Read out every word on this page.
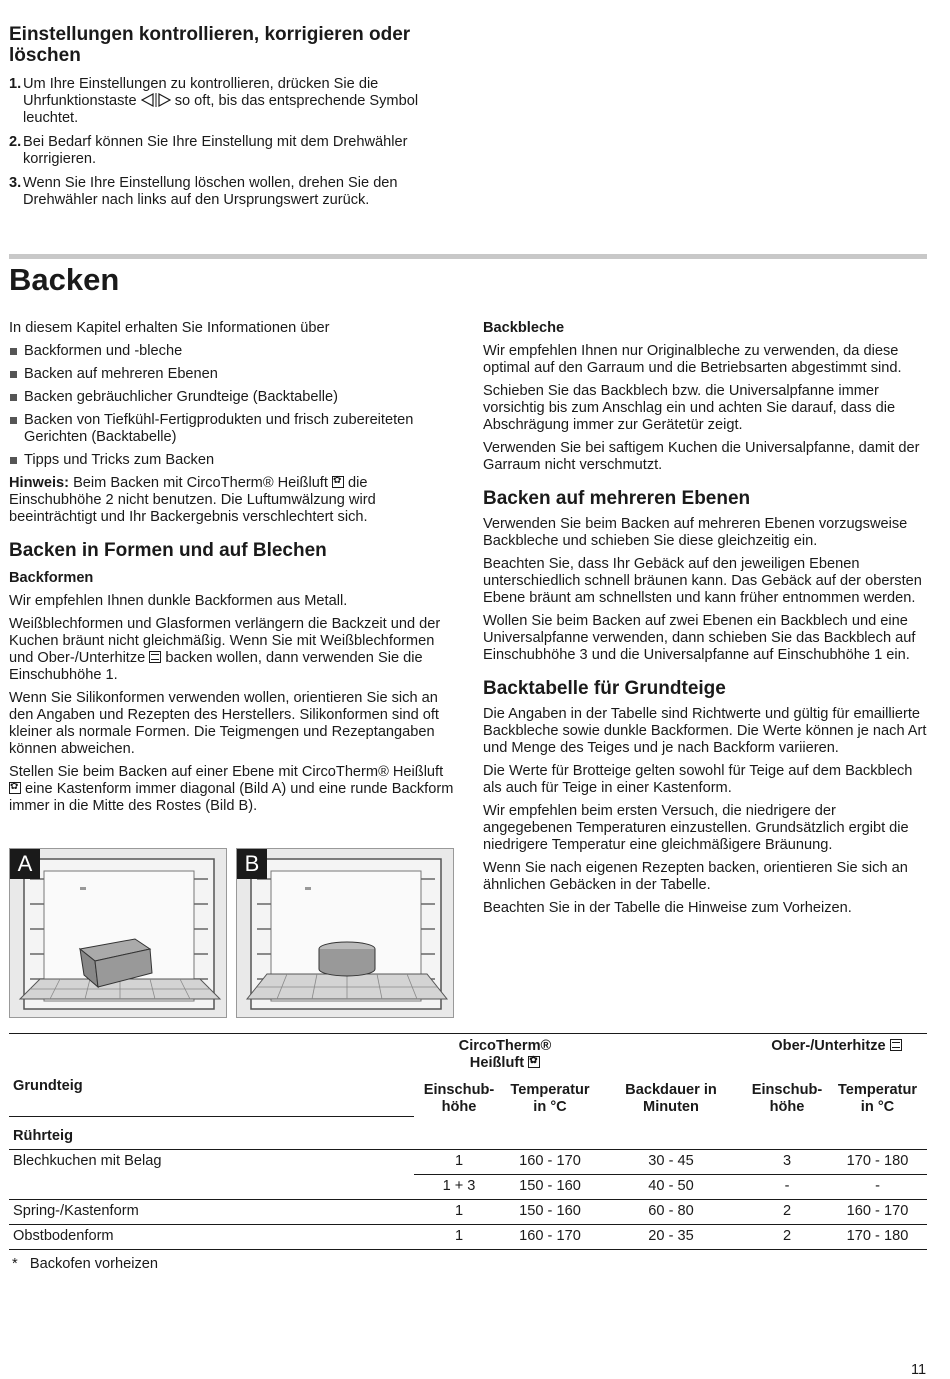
Einstellungen kontrollieren, korrigieren oder löschen
1. Um Ihre Einstellungen zu kontrollieren, drücken Sie die Uhrfunktionstaste  so oft, bis das entsprechende Symbol leuchtet.
2. Bei Bedarf können Sie Ihre Einstellung mit dem Drehwähler korrigieren.
3. Wenn Sie Ihre Einstellung löschen wollen, drehen Sie den Drehwähler nach links auf den Ursprungswert zurück.
Backen

In diesem Kapitel erhalten Sie Informationen über

Backformen und -bleche
Backen auf mehreren Ebenen
Backen gebräuchlicher Grundteige (Backtabelle)
Backen von Tiefkühl-Fertigprodukten und frisch zubereiteten Gerichten (Backtabelle)
Tipps und Tricks zum Backen

Hinweis: Beim Backen mit CircoTherm® Heißluft ✿ die Einschubhöhe 2 nicht benutzen. Die Luftumwälzung wird beeinträchtigt und Ihr Backergebnis verschlechtert sich.

Backen in Formen und auf Blechen
Backformen

Wir empfehlen Ihnen dunkle Backformen aus Metall.

Weißblechformen und Glasformen verlängern die Backzeit und der Kuchen bräunt nicht gleichmäßig. Wenn Sie mit Weißblechformen und Ober-/Unterhitze  backen wollen, dann verwenden Sie die Einschubhöhe 1.

Wenn Sie Silikonformen verwenden wollen, orientieren Sie sich an den Angaben und Rezepten des Herstellers. Silikonformen sind oft kleiner als normale Formen. Die Teigmengen und Rezeptangaben können abweichen.

Stellen Sie beim Backen auf einer Ebene mit CircoTherm® Heißluft ✿ eine Kastenform immer diagonal (Bild A) und eine runde Backform immer in die Mitte des Rostes (Bild B).

A	B
Backbleche

Wir empfehlen Ihnen nur Originalbleche zu verwenden, da diese optimal auf den Garraum und die Betriebsarten abgestimmt sind.

Schieben Sie das Backblech bzw. die Universalpfanne immer vorsichtig bis zum Anschlag ein und achten Sie darauf, dass die Abschrägung immer zur Gerätetür zeigt.

Verwenden Sie bei saftigem Kuchen die Universalpfanne, damit der Garraum nicht verschmutzt.

Backen auf mehreren Ebenen

Verwenden Sie beim Backen auf mehreren Ebenen vorzugsweise Backbleche und schieben Sie diese gleichzeitig ein.

Beachten Sie, dass Ihr Gebäck auf den jeweiligen Ebenen unterschiedlich schnell bräunen kann. Das Gebäck auf der obersten Ebene bräunt am schnellsten und kann früher entnommen werden.

Wollen Sie beim Backen auf zwei Ebenen ein Backblech und eine Universalpfanne verwenden, dann schieben Sie das Backblech auf Einschubhöhe 3 und die Universalpfanne auf Einschubhöhe 1 ein.

Backtabelle für Grundteige

Die Angaben in der Tabelle sind Richtwerte und gültig für emaillierte Backbleche sowie dunkle Backformen. Die Werte können je nach Art und Menge des Teiges und je nach Backform variieren.

Die Werte für Brotteige gelten sowohl für Teige auf dem Backblech als auch für Teige in einer Kastenform.

Wir empfehlen beim ersten Versuch, die niedrigere der angegebenen Temperaturen einzustellen. Grundsätzlich ergibt die niedrigere Temperatur eine gleichmäßigere Bräunung.

Wenn Sie nach eigenen Rezepten backen, orientieren Sie sich an ähnlichen Gebäcken in der Tabelle.

Beachten Sie in der Tabelle die Hinweise zum Vorheizen.

	CircoTherm®
Heißluft ✿			Ober-/Unterhitze	
Grundteig	Einschub-
höhe	Temperatur
in °C	Backdauer in
Minuten	Einschub-
höhe	Temperatur
in °C
Rührteig					
Blechkuchen mit Belag	1	160 - 170	30 - 45	3	170 - 180
	1 + 3	150 - 160	40 - 50	-	-
Spring-/Kastenform	1	150 - 160	60 - 80	2	160 - 170
Obstbodenform	1	160 - 170	20 - 35	2	170 - 180
* Backofen vorheizen
11
